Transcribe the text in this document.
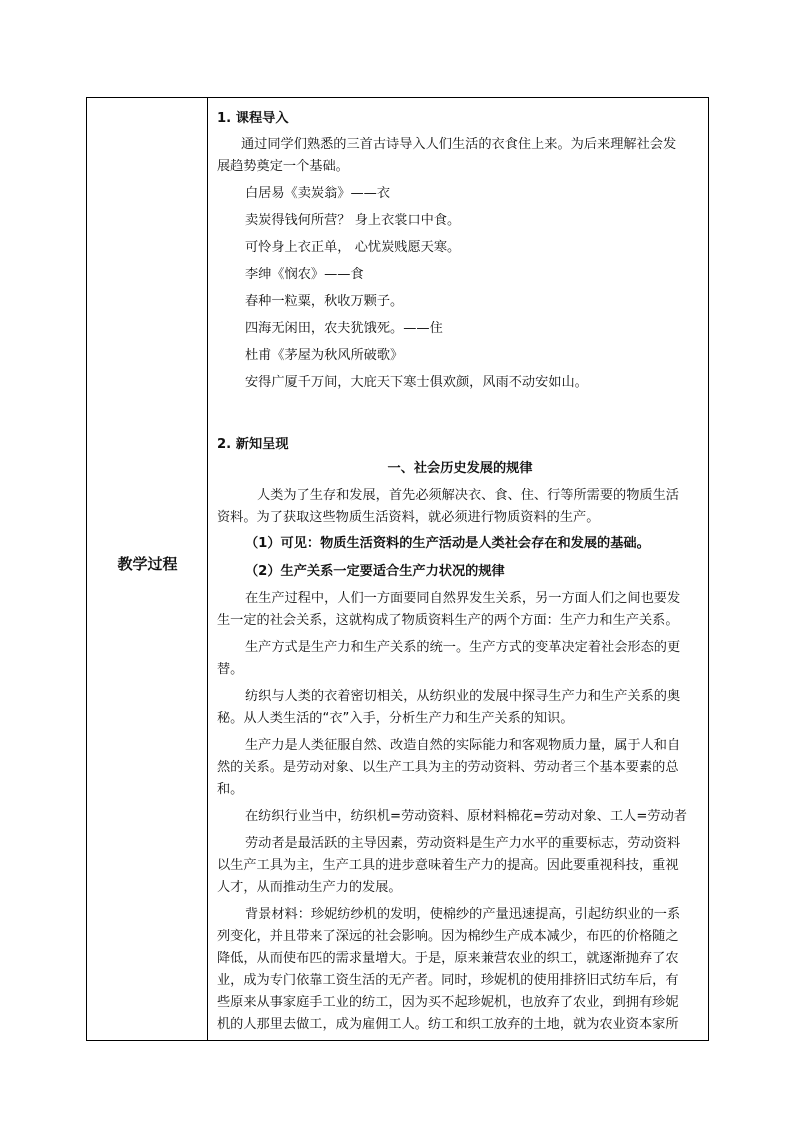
教学过程
1. 课程导入
通过同学们熟悉的三首古诗导入人们生活的衣食住上来。为后来理解社会发
展趋势奠定一个基础。
白居易《卖炭翁》——衣
卖炭得钱何所营？ 身上衣裳口中食。
可怜身上衣正单， 心忧炭贱愿天寒。
李绅《悯农》——食
春种一粒粟，秋收万颗子。
四海无闲田，农夫犹饿死。——住
杜甫《茅屋为秋风所破歌》
安得广厦千万间，大庇天下寒士俱欢颜，风雨不动安如山。
2. 新知呈现
一、社会历史发展的规律
人类为了生存和发展，首先必须解决衣、食、住、行等所需要的物质生活
资料。为了获取这些物质生活资料，就必须进行物质资料的生产。
（1）可见：物质生活资料的生产活动是人类社会存在和发展的基础。
（2）生产关系一定要适合生产力状况的规律
在生产过程中，人们一方面要同自然界发生关系，另一方面人们之间也要发
生一定的社会关系，这就构成了物质资料生产的两个方面：生产力和生产关系。
生产方式是生产力和生产关系的统一。生产方式的变革决定着社会形态的更
替。
纺织与人类的衣着密切相关，从纺织业的发展中探寻生产力和生产关系的奥
秘。从人类生活的“衣”入手，分析生产力和生产关系的知识。
生产力是人类征服自然、改造自然的实际能力和客观物质力量，属于人和自
然的关系。是劳动对象、以生产工具为主的劳动资料、劳动者三个基本要素的总
和。
在纺织行业当中，纺织机=劳动资料、原材料棉花=劳动对象、工人=劳动者
劳动者是最活跃的主导因素，劳动资料是生产力水平的重要标志，劳动资料
以生产工具为主，生产工具的进步意味着生产力的提高。因此要重视科技，重视
人才，从而推动生产力的发展。
背景材料：珍妮纺纱机的发明，使棉纱的产量迅速提高，引起纺织业的一系
列变化，并且带来了深远的社会影响。因为棉纱生产成本减少，布匹的价格随之
降低，从而使布匹的需求量增大。于是，原来兼营农业的织工，就逐渐抛弃了农
业，成为专门依靠工资生活的无产者。同时，珍妮机的使用排挤旧式纺车后，有
些原来从事家庭手工业的纺工，因为买不起珍妮机，也放弃了农业，到拥有珍妮
机的人那里去做工，成为雇佣工人。纺工和织工放弃的土地，就为农业资本家所
